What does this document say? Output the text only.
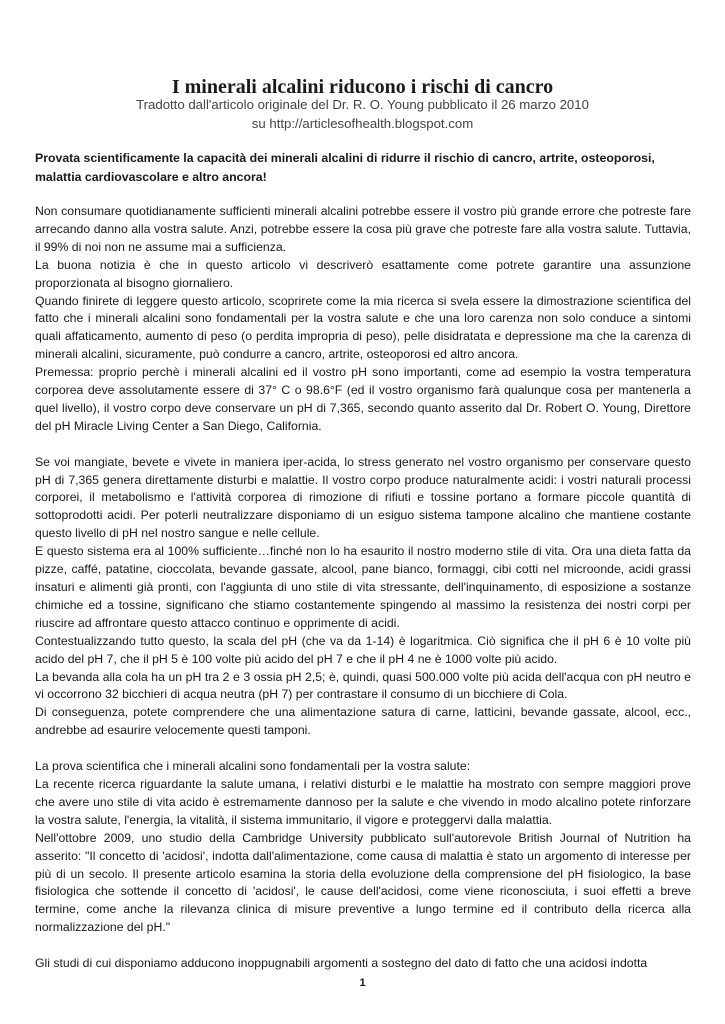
I minerali alcalini riducono i rischi di cancro
Tradotto dall'articolo originale del Dr. R. O. Young pubblicato il 26 marzo 2010
su http://articlesofhealth.blogspot.com

Provata scientificamente la capacità dei minerali alcalini di ridurre il rischio di cancro, artrite, osteoporosi, malattia cardiovascolare e altro ancora!

Non consumare quotidianamente sufficienti minerali alcalini potrebbe essere il vostro più grande errore che potreste fare arrecando danno alla vostra salute. Anzi, potrebbe essere la cosa più grave che potreste fare alla vostra salute. Tuttavia, il 99% di noi non ne assume mai a sufficienza.

La buona notizia è che in questo articolo vi descriverò esattamente come potrete garantire una assunzione proporzionata al bisogno giornaliero.

Quando finirete di leggere questo articolo, scoprirete come la mia ricerca si svela essere la dimostrazione scientifica del fatto che i minerali alcalini sono fondamentali per la vostra salute e che una loro carenza non solo conduce a sintomi quali affaticamento, aumento di peso (o perdita impropria di peso), pelle disidratata e depressione ma che la carenza di minerali alcalini, sicuramente, può condurre a cancro, artrite, osteoporosi ed altro ancora.

Premessa: proprio perchè i minerali alcalini ed il vostro pH sono importanti, come ad esempio la vostra temperatura corporea deve assolutamente essere di 37° C o 98.6°F (ed il vostro organismo farà qualunque cosa per mantenerla a quel livello), il vostro corpo deve conservare un pH di 7,365, secondo quanto asserito dal Dr. Robert O. Young, Direttore del pH Miracle Living Center a San Diego, California.

Se voi mangiate, bevete e vivete in maniera iper-acida, lo stress generato nel vostro organismo per conservare questo pH di 7,365 genera direttamente disturbi e malattie. Il vostro corpo produce naturalmente acidi: i vostri naturali processi corporei, il metabolismo e l'attività corporea di rimozione di rifiuti e tossine portano a formare piccole quantità di sottoprodotti acidi. Per poterli neutralizzare disponiamo di un esiguo sistema tampone alcalino che mantiene costante questo livello di pH nel nostro sangue e nelle cellule.

E questo sistema era al 100% sufficiente…finché non lo ha esaurito il nostro moderno stile di vita. Ora una dieta fatta da pizze, caffé, patatine, cioccolata, bevande gassate, alcool, pane bianco, formaggi, cibi cotti nel microonde, acidi grassi insaturi e alimenti già pronti, con l'aggiunta di uno stile di vita stressante, dell'inquinamento, di esposizione a sostanze chimiche ed a tossine, significano che stiamo costantemente spingendo al massimo la resistenza dei nostri corpi per riuscire ad affrontare questo attacco continuo e opprimente di acidi.

Contestualizzando tutto questo, la scala del pH (che va da 1-14) è logaritmica. Ciò significa che il pH 6 è 10 volte più acido del pH 7, che il pH 5 è 100 volte più acido del pH 7 e che il pH 4 ne è 1000 volte più acido.

La bevanda alla cola ha un pH tra 2 e 3 ossia pH 2,5; è, quindi, quasi 500.000 volte più acida dell'acqua con pH neutro e vi occorrono 32 bicchieri di acqua neutra (pH 7) per contrastare il consumo di un bicchiere di Cola.

Di conseguenza, potete comprendere che una alimentazione satura di carne, latticini, bevande gassate, alcool, ecc., andrebbe ad esaurire velocemente questi tamponi.

La prova scientifica che i minerali alcalini sono fondamentali per la vostra salute:

La recente ricerca riguardante la salute umana, i relativi disturbi e le malattie ha mostrato con sempre maggiori prove che avere uno stile di vita acido è estremamente dannoso per la salute e che vivendo in modo alcalino potete rinforzare la vostra salute, l'energia, la vitalità, il sistema immunitario, il vigore e proteggervi dalla malattia.

Nell'ottobre 2009, uno studio della Cambridge University pubblicato sull'autorevole British Journal of Nutrition ha asserito: "Il concetto di 'acidosi', indotta dall'alimentazione, come causa di malattia è stato un argomento di interesse per più di un secolo. Il presente articolo esamina la storia della evoluzione della comprensione del pH fisiologico, la base fisiologica che sottende il concetto di 'acidosi', le cause dell'acidosi, come viene riconosciuta, i suoi effetti a breve termine, come anche la rilevanza clinica di misure preventive a lungo termine ed il contributo della ricerca alla normalizzazione del pH."

Gli studi di cui disponiamo adducono inoppugnabili argomenti a sostegno del dato di fatto che una acidosi indotta

1
